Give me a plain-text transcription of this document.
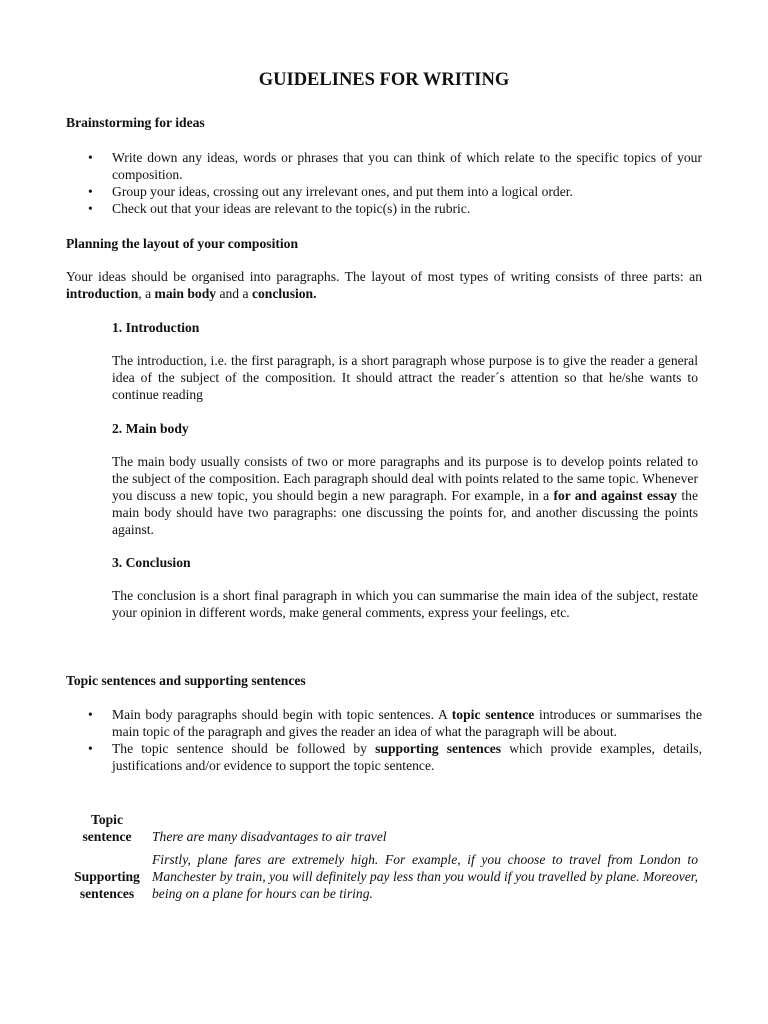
GUIDELINES FOR WRITING
Brainstorming for ideas
• Write down any ideas, words or phrases that you can think of which relate to the specific topics of your composition.
• Group your ideas, crossing out any irrelevant ones, and put them into a logical order.
• Check out that your ideas are relevant to the topic(s) in the rubric.
Planning the layout of your composition
Your ideas should be organised into paragraphs. The layout of most types of writing consists of three parts: an introduction, a main body and a conclusion.
1. Introduction
The introduction, i.e. the first paragraph, is a short paragraph whose purpose is to give the reader a general idea of the subject of the composition. It should attract the reader´s attention so that he/she wants to continue reading
2. Main body
The main body usually consists of two or more paragraphs and its purpose is to develop points related to the subject of the composition. Each paragraph should deal with points related to the same topic. Whenever you discuss a new topic, you should begin a new paragraph. For example, in a for and against essay the main body should have two paragraphs: one discussing the points for, and another discussing the points against.
3. Conclusion
The conclusion is a short final paragraph in which you can summarise the main idea of the subject, restate your opinion in different words, make general comments, express your feelings, etc.
Topic sentences and supporting sentences
• Main body paragraphs should begin with topic sentences. A topic sentence introduces or summarises the main topic of the paragraph and gives the reader an idea of what the paragraph will be about.
• The topic sentence should be followed by supporting sentences which provide examples, details, justifications and/or evidence to support the topic sentence.
Topic
sentence	There are many disadvantages to air travel
Supporting
sentences
Firstly, plane fares are extremely high. For example, if you choose to travel from London to Manchester by train, you will definitely pay less than you would if you travelled by plane. Moreover, being on a plane for hours can be tiring.
